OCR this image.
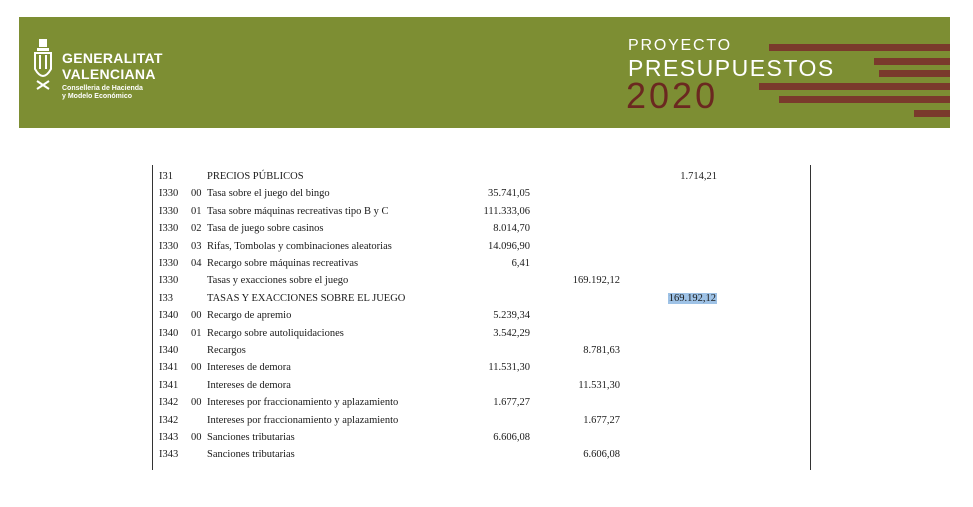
GENERALITAT
VALENCIANA
Conselleria de Hacienda
y Modelo Económico
PROYECTO
PRESUPUESTOS
2020
I31	PRECIOS PÚBLICOS	1.714,21
I330 00 Tasa sobre el juego del bingo	35.741,05
I330 01 Tasa sobre máquinas recreativas tipo B y C	111.333,06
I330 02 Tasa de juego sobre casinos	8.014,70
I330 03 Rifas, Tombolas y combinaciones aleatorias	14.096,90
I330 04 Recargo sobre máquinas recreativas	6,41
I330	Tasas y exacciones sobre el juego	169.192,12
I33	TASAS Y EXACCIONES SOBRE EL JUEGO	169.192,12
I340 00 Recargo de apremio	5.239,34
I340 01 Recargo sobre autoliquidaciones	3.542,29
I340	Recargos	8.781,63
I341 00 Intereses de demora	11.531,30
I341	Intereses de demora	11.531,30
I342 00 Intereses por fraccionamiento y aplazamiento	1.677,27
I342	Intereses por fraccionamiento y aplazamiento	1.677,27
I343 00 Sanciones tributarias	6.606,08
I343	Sanciones tributarias	6.606,08
